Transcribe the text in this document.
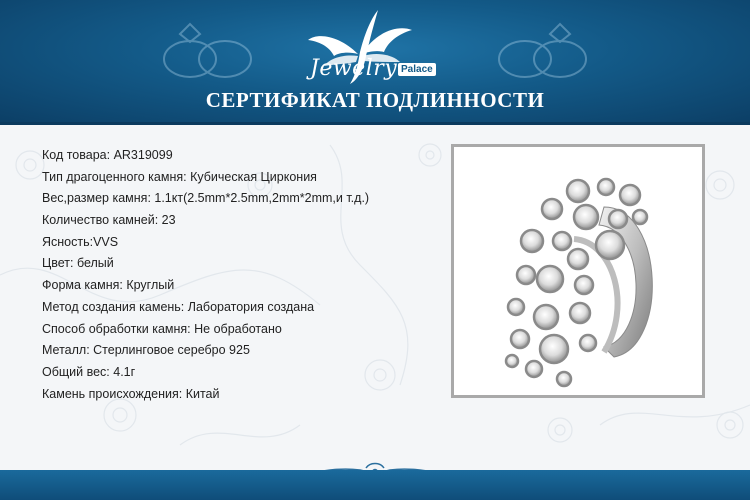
Jewelry Palace
СЕРТИФИКАТ ПОДЛИННОСТИ
Код товара: AR319099
Тип драгоценного камня: Кубическая Циркония
Вес,размер камня: 1.1кт(2.5mm*2.5mm,2mm*2mm,и т.д.)
Количество камней: 23
Ясность:VVS
Цвет: белый
Форма камня: Круглый
Метод создания камень: Лаборатория создана
Способ обработки камня: Не обработано
Металл: Стерлинговое серебро 925
Общий вес: 4.1г
Камень происхождения: Китай
